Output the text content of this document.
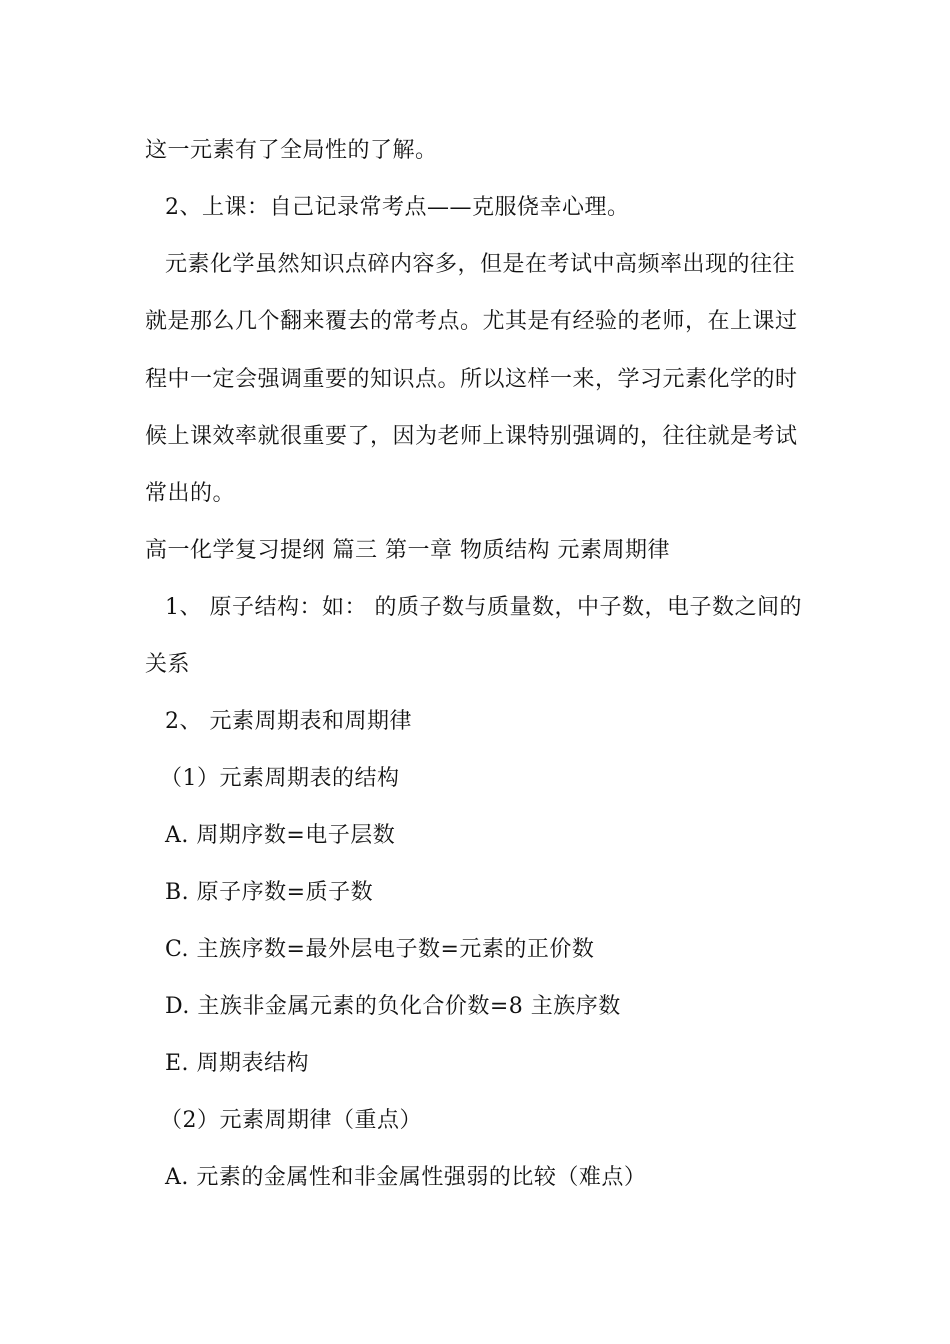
这一元素有了全局性的了解。
2、上课：自己记录常考点——克服侥幸心理。
元素化学虽然知识点碎内容多，但是在考试中高频率出现的往往
就是那么几个翻来覆去的常考点。尤其是有经验的老师，在上课过
程中一定会强调重要的知识点。所以这样一来，学习元素化学的时
候上课效率就很重要了，因为老师上课特别强调的，往往就是考试
常出的。
高一化学复习提纲 篇三 第一章 物质结构 元素周期律
1、 原子结构：如： 的质子数与质量数，中子数，电子数之间的
关系
2、 元素周期表和周期律
（1）元素周期表的结构
A. 周期序数=电子层数
B. 原子序数=质子数
C. 主族序数=最外层电子数=元素的正价数
D. 主族非金属元素的负化合价数=8 主族序数
E. 周期表结构
（2）元素周期律（重点）
A. 元素的金属性和非金属性强弱的比较（难点）
